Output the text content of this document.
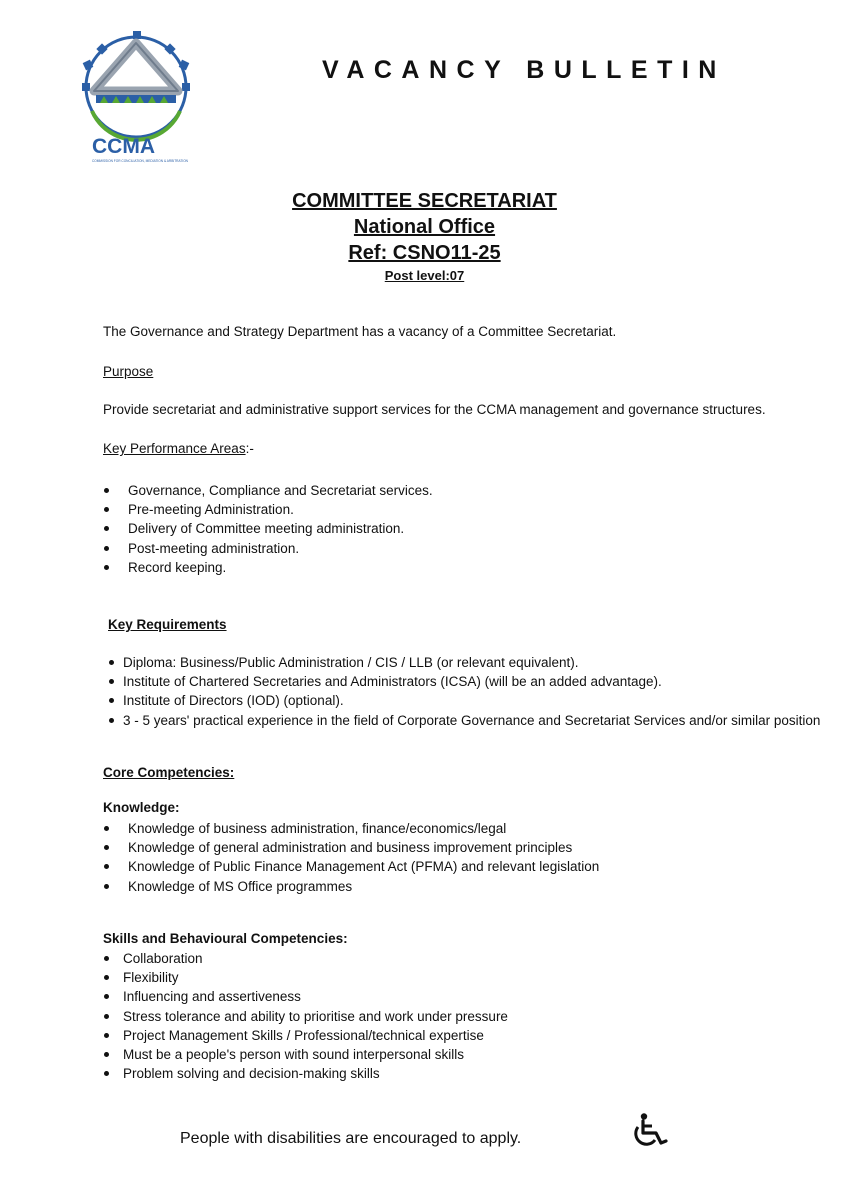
CCMA
COMMISSION FOR CONCILIATION, MEDIATION & ARBITRATION
VACANCY BULLETIN
COMMITTEE SECRETARIAT
National Office
Ref: CSNO11-25
Post level:07
The Governance and Strategy Department has a vacancy of a Committee Secretariat.
Purpose
Provide secretariat and administrative support services for the CCMA management and governance structures.
Key Performance Areas:-
Governance, Compliance and Secretariat services.
Pre-meeting Administration.
Delivery of Committee meeting administration.
Post-meeting administration.
Record keeping.
Key Requirements
Diploma: Business/Public Administration / CIS / LLB (or relevant equivalent).
Institute of Chartered Secretaries and Administrators (ICSA) (will be an added advantage).
Institute of Directors (IOD) (optional).
3 - 5 years' practical experience in the field of Corporate Governance and Secretariat Services and/or similar position
Core Competencies:
Knowledge:
Knowledge of business administration, finance/economics/legal
Knowledge of general administration and business improvement principles
Knowledge of Public Finance Management Act (PFMA) and relevant legislation
Knowledge of MS Office programmes
Skills and Behavioural Competencies:
Collaboration
Flexibility
Influencing and assertiveness
Stress tolerance and ability to prioritise and work under pressure
Project Management Skills / Professional/technical expertise
Must be a people's person with sound interpersonal skills
Problem solving and decision-making skills
People with disabilities are encouraged to apply.
